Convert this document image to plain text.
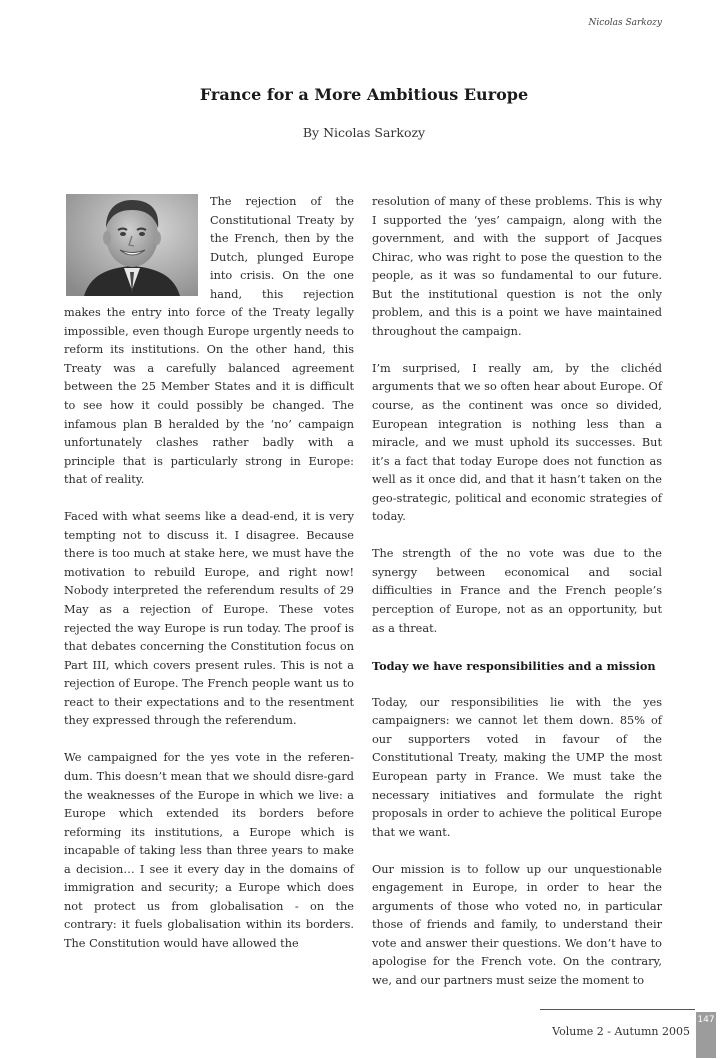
Nicolas Sarkozy
France for a More Ambitious Europe
By Nicolas Sarkozy

The rejection of the Constitutional Treaty by the French, then by the Dutch, plunged Europe into crisis. On the one hand, this rejection makes the entry into force of the Treaty legally impossible, even though Europe urgently needs to reform its institutions. On the other hand, this Treaty was a carefully balanced agreement between the 25 Member States and it is difficult to see how it could possibly be changed. The infamous plan B heralded by the ‘no’ campaign unfortunately clashes rather badly with a principle that is particularly strong in Europe: that of reality.

Faced with what seems like a dead-end, it is very tempting not to discuss it. I disagree. Because there is too much at stake here, we must have the motivation to rebuild Europe, and right now! Nobody interpreted the referendum results of 29 May as a rejection of Europe. These votes rejected the way Europe is run today. The proof is that debates concerning the Constitution focus on Part III, which covers present rules. This is not a rejection of Europe. The French people want us to react to their expectations and to the resentment they expressed through the referendum.

We campaigned for the yes vote in the referen-dum. This doesn’t mean that we should disre-gard the weaknesses of the Europe in which we live: a Europe which extended its borders before reforming its institutions, a Europe which is incapable of taking less than three years to make a decision… I see it every day in the domains of immigration and security; a Europe which does not protect us from globalisation - on the contrary: it fuels globalisation within its borders. The Constitution would have allowed the

resolution of many of these problems. This is why I supported the ‘yes’ campaign, along with the government, and with the support of Jacques Chirac, who was right to pose the question to the people, as it was so fundamental to our future. But the institutional question is not the only problem, and this is a point we have maintained throughout the campaign.

I’m surprised, I really am, by the clichéd arguments that we so often hear about Europe. Of course, as the continent was once so divided, European integration is nothing less than a miracle, and we must uphold its successes. But it’s a fact that today Europe does not function as well as it once did, and that it hasn’t taken on the geo-strategic, political and economic strategies of today.

The strength of the no vote was due to the synergy between economical and social difficulties in France and the French people’s perception of Europe, not as an opportunity, but as a threat.

Today we have responsibilities and a mission

Today, our responsibilities lie with the yes campaigners: we cannot let them down. 85% of our supporters voted in favour of the Constitutional Treaty, making the UMP the most European party in France. We must take the necessary initiatives and formulate the right proposals in order to achieve the political Europe that we want.

Our mission is to follow up our unquestionable engagement in Europe, in order to hear the arguments of those who voted no, in particular those of friends and family, to understand their vote and answer their questions. We don’t have to apologise for the French vote. On the contrary, we, and our partners must seize the moment to

Volume 2 - Autumn 2005
147
